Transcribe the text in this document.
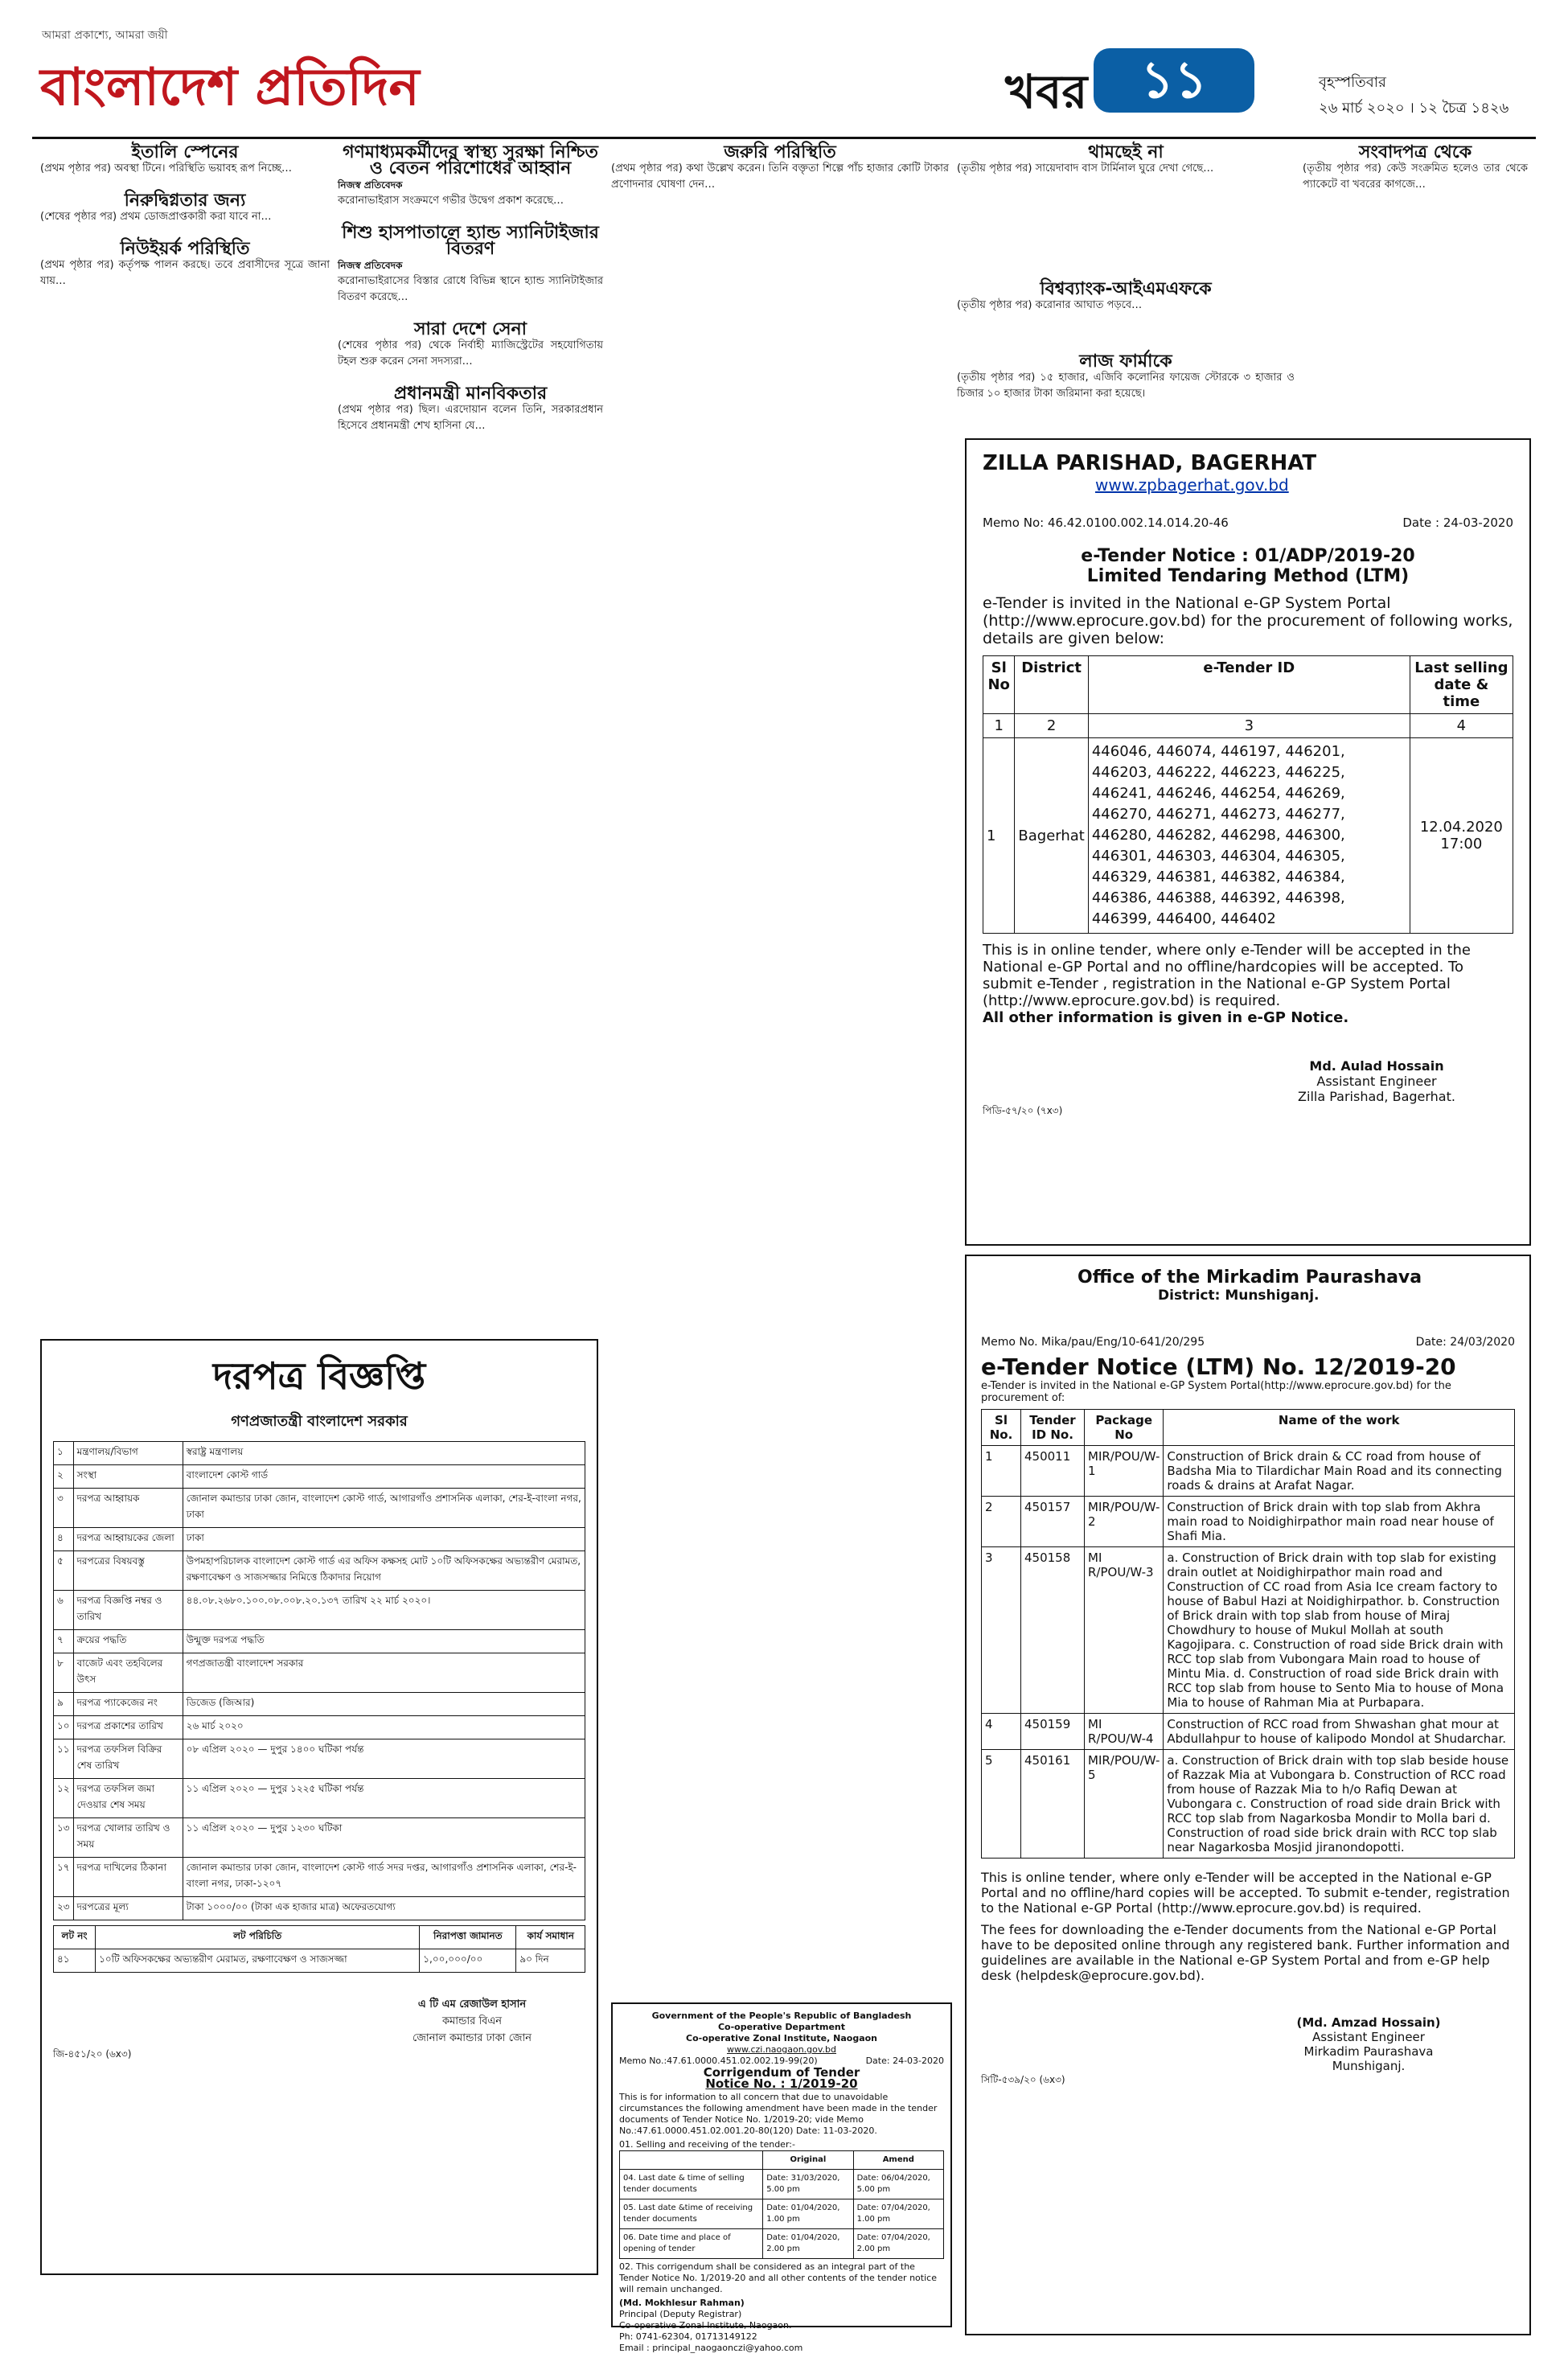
আমরা প্রকাশ্যে, আমরা জয়ী
বাংলাদেশ প্রতিদিন	খবর	১১	বৃহস্পতিবার
২৬ মার্চ ২০২০ । ১২ চৈত্র ১৪২৬
ইতালি স্পেনের

(প্রথম পৃষ্ঠার পর) অবস্থা টিনে। পরিস্থিতি ভয়াবহ রূপ নিচ্ছে…

নিরুদ্বিগ্নতার জন্য

(শেষের পৃষ্ঠার পর) প্রথম ডোজপ্রাপ্তকারী করা যাবে না…

নিউইয়র্ক পরিস্থিতি

(প্রথম পৃষ্ঠার পর) কর্তৃপক্ষ পালন করছে। তবে প্রবাসীদের সূত্রে জানা যায়…

গণমাধ্যমকর্মীদের স্বাস্থ্য সুরক্ষা নিশ্চিত ও বেতন পরিশোধের আহ্বান
নিজস্ব প্রতিবেদক

করোনাভাইরাস সংক্রমণে গভীর উদ্বেগ প্রকাশ করেছে…

শিশু হাসপাতালে হ্যান্ড স্যানিটাইজার বিতরণ
নিজস্ব প্রতিবেদক

করোনাভাইরাসের বিস্তার রোধে বিভিন্ন স্থানে হ্যান্ড স্যানিটাইজার বিতরণ করেছে…

সারা দেশে সেনা

(শেষের পৃষ্ঠার পর) থেকে নির্বাহী ম্যাজিস্ট্রেটের সহযোগিতায় টহল শুরু করেন সেনা সদস্যরা…

প্রধানমন্ত্রী মানবিকতার

(প্রথম পৃষ্ঠার পর) ছিল। এরদোয়ান বলেন তিনি, সরকারপ্রধান হিসেবে প্রধানমন্ত্রী শেখ হাসিনা যে…

জরুরি পরিস্থিতি

(প্রথম পৃষ্ঠার পর) কথা উল্লেখ করেন। তিনি বক্তৃতা শিল্পে পাঁচ হাজার কোটি টাকার প্রণোদনার ঘোষণা দেন…

থামছেই না

(তৃতীয় পৃষ্ঠার পর) সায়েদাবাদ বাস টার্মিনাল ঘুরে দেখা গেছে…

সংবাদপত্র থেকে

(তৃতীয় পৃষ্ঠার পর) কেউ সংক্রমিত হলেও তার থেকে প্যাকেটে বা খবরের কাগজে…

বিশ্বব্যাংক-আইএমএফকে

(তৃতীয় পৃষ্ঠার পর) করোনার আঘাত পড়বে…

লাজ ফার্মাকে

(তৃতীয় পৃষ্ঠার পর) ১৫ হাজার, এজিবি কলোনির ফায়েজ স্টোরকে ৩ হাজার ও চিজার ১০ হাজার টাকা জরিমানা করা হয়েছে।

ZILLA PARISHAD, BAGERHAT
www.zpbagerhat.gov.bd
Memo No: 46.42.0100.002.14.014.20-46	Date : 24-03-2020
e-Tender Notice : 01/ADP/2019-20
Limited Tendaring Method (LTM)

e-Tender is invited in the National e-GP System Portal (http://www.eprocure.gov.bd) for the procurement of following works, details are given below:

Sl No	District	e-Tender ID	Last selling date & time
1	2	3	4
1	Bagerhat	446046, 446074, 446197, 446201, 446203, 446222, 446223, 446225, 446241, 446246, 446254, 446269, 446270, 446271, 446273, 446277, 446280, 446282, 446298, 446300, 446301, 446303, 446304, 446305, 446329, 446381, 446382, 446384, 446386, 446388, 446392, 446398, 446399, 446400, 446402	12.04.2020 17:00

This is in online tender, where only e-Tender will be accepted in the National e-GP Portal and no offline/hardcopies will be accepted. To submit e-Tender , registration in the National e-GP System Portal (http://www.eprocure.gov.bd) is required.

All other information is given in e-GP Notice.

Md. Aulad Hossain
Assistant Engineer
Zilla Parishad, Bagerhat.
পিডি-৫৭/২০ (৭x৩)
দরপত্র বিজ্ঞপ্তি
গণপ্রজাতন্ত্রী বাংলাদেশ সরকার
১	মন্ত্রণালয়/বিভাগ	স্বরাষ্ট্র মন্ত্রণালয়
২	সংস্থা	বাংলাদেশ কোস্ট গার্ড
৩	দরপত্র আহ্বায়ক	জোনাল কমান্ডার ঢাকা জোন, বাংলাদেশ কোস্ট গার্ড, আগারগাঁও প্রশাসনিক এলাকা, শের-ই-বাংলা নগর, ঢাকা
৪	দরপত্র আহ্বায়কের জেলা	ঢাকা
৫	দরপত্রের বিষয়বস্তু	উপমহাপরিচালক বাংলাদেশ কোস্ট গার্ড এর অফিস কক্ষসহ মোট ১০টি অফিসকক্ষের অভ্যন্তরীণ মেরামত, রক্ষণাবেক্ষণ ও সাজসজ্জার নিমিত্তে ঠিকাদার নিয়োগ
৬	দরপত্র বিজ্ঞপ্তি নম্বর ও তারিখ	৪৪.০৮.২৬৮০.১০০.০৮.০০৮.২০.১৩৭ তারিখ ২২ মার্চ ২০২০।
৭	ক্রয়ের পদ্ধতি	উন্মুক্ত দরপত্র পদ্ধতি
৮	বাজেট এবং তহবিলের উৎস	গণপ্রজাতন্ত্রী বাংলাদেশ সরকার
৯	দরপত্র প্যাকেজের নং	ডিজেড (জিআর)
১০	দরপত্র প্রকাশের তারিখ	২৬ মার্চ ২০২০
১১	দরপত্র তফসিল বিক্রির শেষ তারিখ	০৮ এপ্রিল ২০২০ — দুপুর ১৪০০ ঘটিকা পর্যন্ত
১২	দরপত্র তফসিল জমা দেওয়ার শেষ সময়	১১ এপ্রিল ২০২০ — দুপুর ১২২৫ ঘটিকা পর্যন্ত
১৩	দরপত্র খোলার তারিখ ও সময়	১১ এপ্রিল ২০২০ — দুপুর ১২৩০ ঘটিকা
১৭	দরপত্র দাখিলের ঠিকানা	জোনাল কমান্ডার ঢাকা জোন, বাংলাদেশ কোস্ট গার্ড সদর দপ্তর, আগারগাঁও প্রশাসনিক এলাকা, শের-ই-বাংলা নগর, ঢাকা-১২০৭
২৩	দরপত্রের মূল্য	টাকা ১০০০/০০ (টাকা এক হাজার মাত্র) অফেরতযোগ্য
লট নং	লট পরিচিতি	নিরাপত্তা জামানত	কার্য সমাধান
৪১	১০টি অফিসকক্ষের অভ্যন্তরীণ মেরামত, রক্ষণাবেক্ষণ ও সাজসজ্জা	১,০০,০০০/০০	৯০ দিন
এ টি এম রেজাউল হাসান
কমান্ডার বিএন
জোনাল কমান্ডার ঢাকা জোন
জি-৪৫১/২০ (৬x৩)
Government of the People's Republic of Bangladesh
Co-operative Department
Co-operative Zonal Institute, Naogaon
www.czi.naogaon.gov.bd
Memo No.:47.61.0000.451.02.002.19-99(20)	Date: 24-03-2020
Corrigendum of Tender
Notice No. : 1/2019-20

This is for information to all concern that due to unavoidable circumstances the following amendment have been made in the tender documents of Tender Notice No. 1/2019-20; vide Memo No.:47.61.0000.451.02.001.20-80(120) Date: 11-03-2020.

01. Selling and receiving of the tender:-
	Original	Amend
04. Last date & time of selling tender documents	Date: 31/03/2020, 5.00 pm	Date: 06/04/2020, 5.00 pm
05. Last date &time of receiving tender documents	Date: 01/04/2020, 1.00 pm	Date: 07/04/2020, 1.00 pm
06. Date time and place of opening of tender	Date: 01/04/2020, 2.00 pm	Date: 07/04/2020, 2.00 pm

02. This corrigendum shall be considered as an integral part of the Tender Notice No. 1/2019-20 and all other contents of the tender notice will remain unchanged.

(Md. Mokhlesur Rahman)
Principal (Deputy Registrar)
Co-operative Zonal Institute, Naogaon.
Ph: 0741-62304, 01713149122
Email : principal_naogaonczi@yahoo.com
Office of the Mirkadim Paurashava
District: Munshiganj.
Memo No. Mika/pau/Eng/10-641/20/295	Date: 24/03/2020
e-Tender Notice (LTM) No. 12/2019-20
e-Tender is invited in the National e-GP System Portal(http://www.eprocure.gov.bd) for the procurement of:
Sl No.	Tender ID No.	Package No	Name of the work
1	450011	MIR/POU/W-1	Construction of Brick drain & CC road from house of Badsha Mia to Tilardichar Main Road and its connecting roads & drains at Arafat Nagar.
2	450157	MIR/POU/W-2	Construction of Brick drain with top slab from Akhra main road to Noidighirpathor main road near house of Shafi Mia.
3	450158	MI R/POU/W-3	a. Construction of Brick drain with top slab for existing drain outlet at Noidighirpathor main road and Construction of CC road from Asia Ice cream factory to house of Babul Hazi at Noidighirpathor. b. Construction of Brick drain with top slab from house of Miraj Chowdhury to house of Mukul Mollah at south Kagojipara. c. Construction of road side Brick drain with RCC top slab from Vubongara Main road to house of Mintu Mia. d. Construction of road side Brick drain with RCC top slab from house to Sento Mia to house of Mona Mia to house of Rahman Mia at Purbapara.
4	450159	MI R/POU/W-4	Construction of RCC road from Shwashan ghat mour at Abdullahpur to house of kalipodo Mondol at Shudarchar.
5	450161	MIR/POU/W-5	a. Construction of Brick drain with top slab beside house of Razzak Mia at Vubongara b. Construction of RCC road from house of Razzak Mia to h/o Rafiq Dewan at Vubongara c. Construction of road side drain Brick with RCC top slab from Nagarkosba Mondir to Molla bari d. Construction of road side brick drain with RCC top slab near Nagarkosba Mosjid jiranondopotti.

This is online tender, where only e-Tender will be accepted in the National e-GP Portal and no offline/hard copies will be accepted. To submit e-tender, registration to the National e-GP Portal (http://www.eprocure.gov.bd) is required.

The fees for downloading the e-Tender documents from the National e-GP Portal have to be deposited online through any registered bank. Further information and guidelines are available in the National e-GP System Portal and from e-GP help desk (helpdesk@eprocure.gov.bd).

(Md. Amzad Hossain)
Assistant Engineer
Mirkadim Paurashava
Munshiganj.
সিটি-৫৩৯/২০ (৬x৩)
